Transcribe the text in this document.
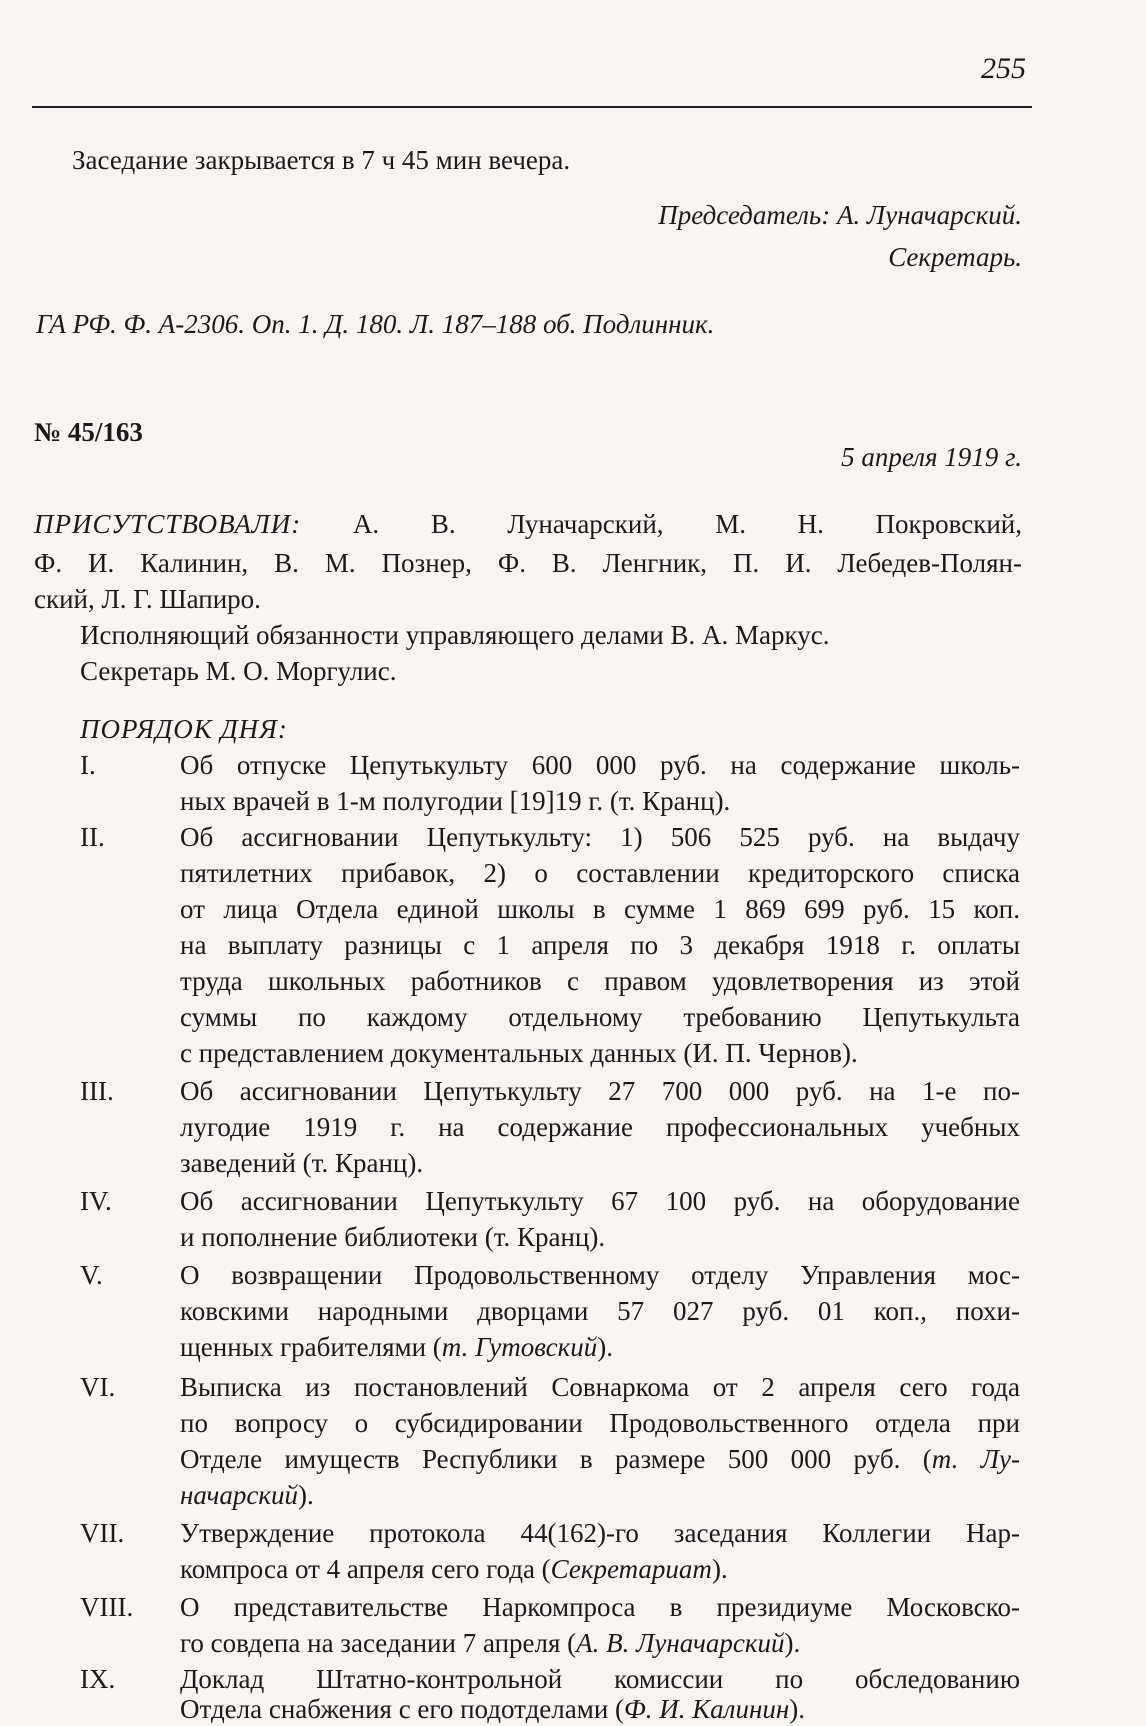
255
Заседание закрывается в 7 ч 45 мин вечера.
Председатель: А. Луначарский.
Секретарь.
ГА РФ. Ф. А-2306. Оп. 1. Д. 180. Л. 187–188 об. Подлинник.
№ 45/163
5 апреля 1919 г.
ПРИСУТСТВОВАЛИ: А. В. Луначарский, М. Н. Покровский,
Ф. И. Калинин, В. М. Познер, Ф. В. Ленгник, П. И. Лебедев-Полян-
ский, Л. Г. Шапиро.
Исполняющий обязанности управляющего делами В. А. Маркус.
Секретарь М. О. Моргулис.
ПОРЯДОК ДНЯ:
I.	Об отпуске Цепутькульту 600 000 руб. на содержание школь-
ных врачей в 1-м полугодии [19]19 г. (т. Кранц).
II.	Об ассигновании Цепутькульту: 1) 506 525 руб. на выдачу
пятилетних прибавок, 2) о составлении кредиторского списка
от лица Отдела единой школы в сумме 1 869 699 руб. 15 коп.
на выплату разницы с 1 апреля по 3 декабря 1918 г. оплаты
труда школьных работников с правом удовлетворения из этой
суммы по каждому отдельному требованию Цепутькульта
с представлением документальных данных (И. П. Чернов).
III. Об ассигновании Цепутькульту 27 700 000 руб. на 1-е по-
лугодие 1919 г. на содержание профессиональных учебных
заведений (т. Кранц).
IV.	Об ассигновании Цепутькульту 67 100 руб. на оборудование
и пополнение библиотеки (т. Кранц).
V.	О возвращении Продовольственному отделу Управления мос-
ковскими народными дворцами 57 027 руб. 01 коп., похи-
щенных грабителями (т. Гутовский).
VI. Выписка из постановлений Совнаркома от 2 апреля сего года
по вопросу о субсидировании Продовольственного отдела при
Отделе имуществ Республики в размере 500 000 руб. (т. Лу-
начарский).
VII. Утверждение протокола 44(162)-го заседания Коллегии Нар-
компроса от 4 апреля сего года (Секретариат).
VIII. О представительстве Наркомпроса в президиуме Московско-
го совдепа на заседании 7 апреля (А. В. Луначарский).
IX. Доклад Штатно-контрольной комиссии по обследованию
Отдела снабжения с его подотделами (Ф. И. Калинин).
